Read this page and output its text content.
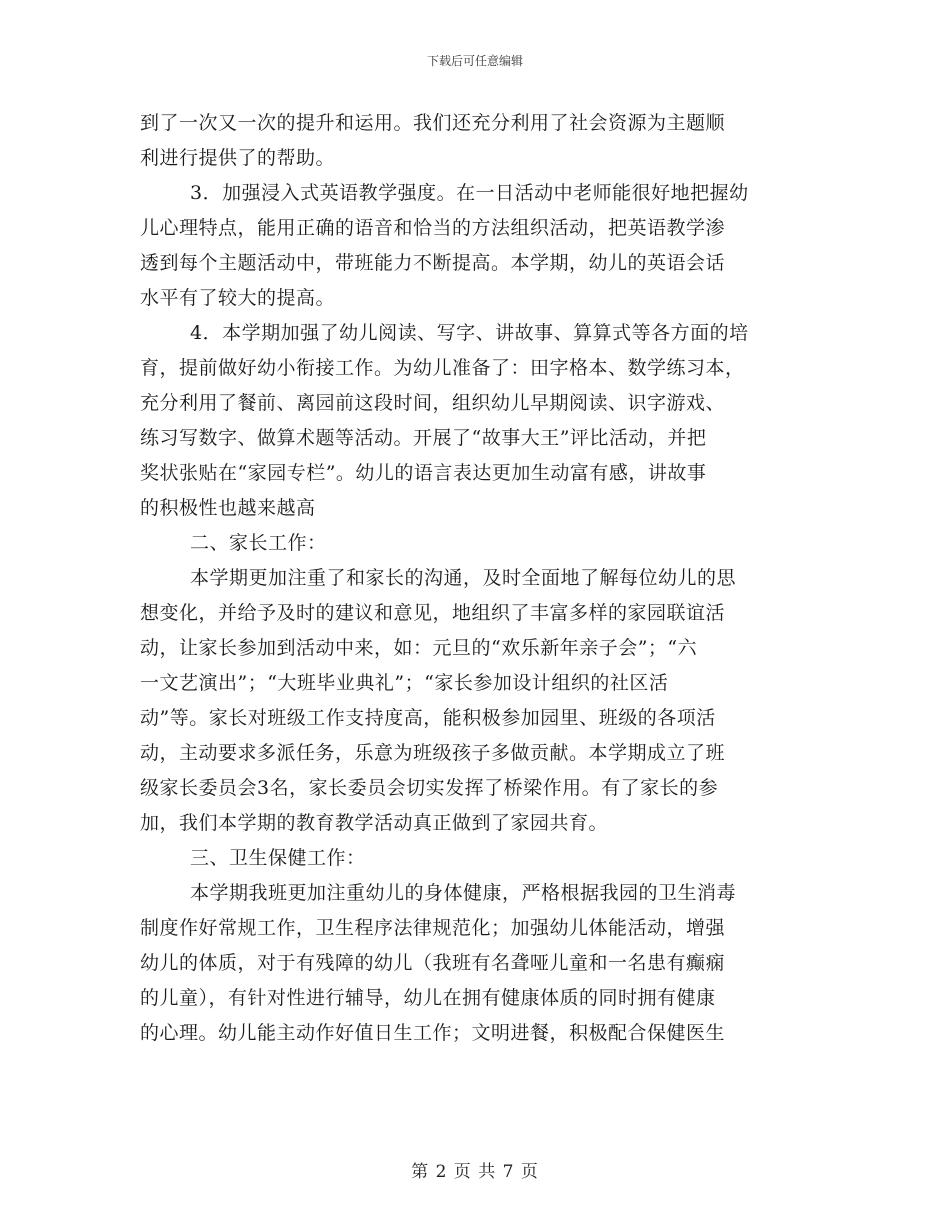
下载后可任意编辑
到了一次又一次的提升和运用。我们还充分利用了社会资源为主题顺
利进行提供了的帮助。
3．加强浸入式英语教学强度。在一日活动中老师能很好地把握幼
儿心理特点，能用正确的语音和恰当的方法组织活动，把英语教学渗
透到每个主题活动中，带班能力不断提高。本学期，幼儿的英语会话
水平有了较大的提高。
4．本学期加强了幼儿阅读、写字、讲故事、算算式等各方面的培
育，提前做好幼小衔接工作。为幼儿准备了：田字格本、数学练习本，
充分利用了餐前、离园前这段时间，组织幼儿早期阅读、识字游戏、
练习写数字、做算术题等活动。开展了“故事大王”评比活动，并把
奖状张贴在“家园专栏”。幼儿的语言表达更加生动富有感，讲故事
的积极性也越来越高
二、家长工作：
本学期更加注重了和家长的沟通，及时全面地了解每位幼儿的思
想变化，并给予及时的建议和意见，地组织了丰富多样的家园联谊活
动，让家长参加到活动中来，如：元旦的“欢乐新年亲子会”；“六
一文艺演出”；“大班毕业典礼”；“家长参加设计组织的社区活
动”等。家长对班级工作支持度高，能积极参加园里、班级的各项活
动，主动要求多派任务，乐意为班级孩子多做贡献。本学期成立了班
级家长委员会3名，家长委员会切实发挥了桥梁作用。有了家长的参
加，我们本学期的教育教学活动真正做到了家园共育。
三、卫生保健工作：
本学期我班更加注重幼儿的身体健康，严格根据我园的卫生消毒
制度作好常规工作，卫生程序法律规范化；加强幼儿体能活动，增强
幼儿的体质，对于有残障的幼儿（我班有名聋哑儿童和一名患有癫痫
的儿童），有针对性进行辅导，幼儿在拥有健康体质的同时拥有健康
的心理。幼儿能主动作好值日生工作；文明进餐，积极配合保健医生
第 2 页 共 7 页
